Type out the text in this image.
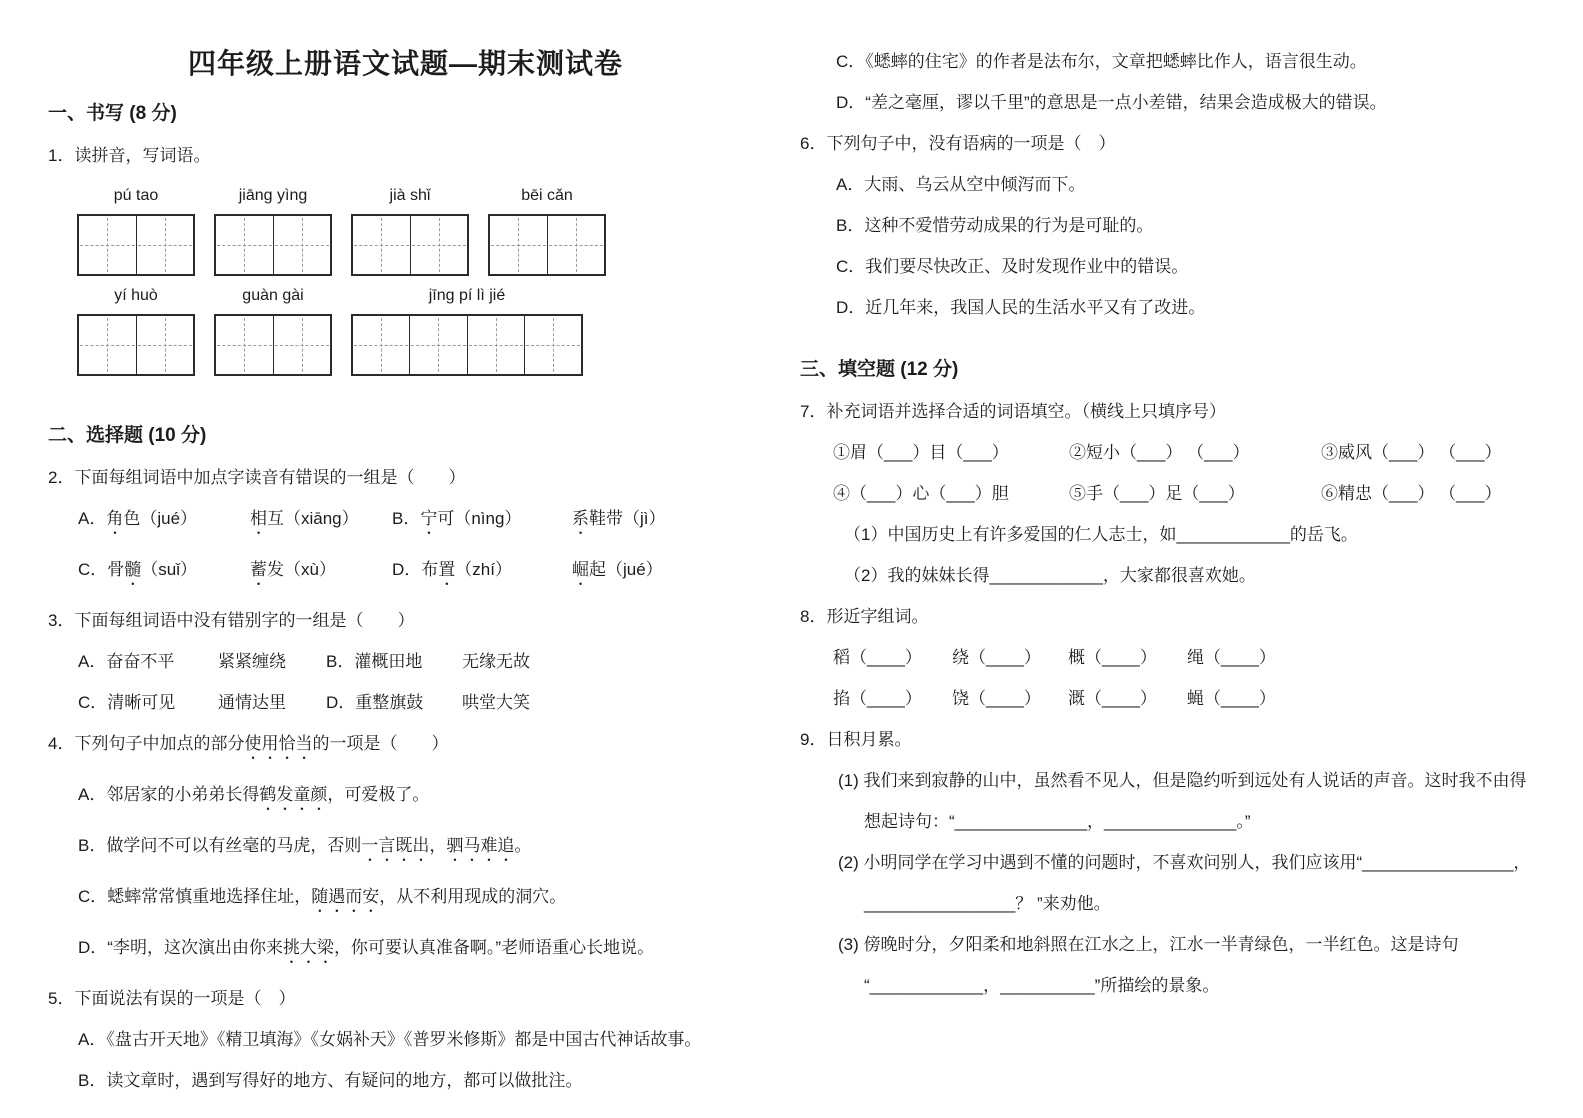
四年级上册语文试题—期末测试卷
一、书写 (8 分)
1．读拼音，写词语。
pú tao	jiāng yìng	jià shǐ	bēi cǎn
yí huò	guàn gài	jīng pí lì jié
二、选择题 (10 分)
2．下面每组词语中加点字读音有错误的一组是（　　）
A．角色（jué）	相互（xiāng）	B．宁可（nìng）	系鞋带（jì）
C．骨髓（suǐ）	蓄发（xù）	D．布置（zhí）	崛起（jué）
3．下面每组词语中没有错别字的一组是（　　）
A．奋奋不平	紧紧缠绕	B．灌概田地	无缘无故
C．清晰可见	通情达里	D．重整旗鼓	哄堂大笑
4．下列句子中加点的部分使用恰当的一项是（　　）
A．邻居家的小弟弟长得鹤发童颜，可爱极了。
B．做学问不可以有丝毫的马虎，否则一言既出，驷马难追。
C．蟋蟀常常慎重地选择住址，随遇而安，从不利用现成的洞穴。
D．“李明，这次演出由你来挑大梁，你可要认真准备啊。”老师语重心长地说。
5．下面说法有误的一项是（　）
A．《盘古开天地》《精卫填海》《女娲补天》《普罗米修斯》都是中国古代神话故事。
B．读文章时，遇到写得好的地方、有疑问的地方，都可以做批注。
C．《蟋蟀的住宅》的作者是法布尔，文章把蟋蟀比作人，语言很生动。
D．“差之毫厘，谬以千里”的意思是一点小差错，结果会造成极大的错误。
6．下列句子中，没有语病的一项是（　）
A．大雨、乌云从空中倾泻而下。
B．这种不爱惜劳动成果的行为是可耻的。
C．我们要尽快改正、及时发现作业中的错误。
D．近几年来，我国人民的生活水平又有了改进。
三、填空题 (12 分)
7．补充词语并选择合适的词语填空。（横线上只填序号）
①眉（___）目（___）	②短小（___） （___）	③威风（___） （___）
④（___）心（___）胆	⑤手（___）足（___）	⑥精忠（___） （___）
（1）中国历史上有许多爱国的仁人志士，如____________的岳飞。
（2）我的妹妹长得____________，大家都很喜欢她。
8．形近字组词。
稻（____）	绕（____）	概（____）	绳（____）
掐（____）	饶（____）	溉（____）	蝇（____）
9．日积月累。
(1) 我们来到寂静的山中，虽然看不见人，但是隐约听到远处有人说话的声音。这时我不由得
想起诗句：“______________，______________。”
(2) 小明同学在学习中遇到不懂的问题时，不喜欢问别人，我们应该用“________________，
________________？ ”来劝他。
(3) 傍晚时分，夕阳柔和地斜照在江水之上，江水一半青绿色，一半红色。这是诗句
“____________，__________”所描绘的景象。
